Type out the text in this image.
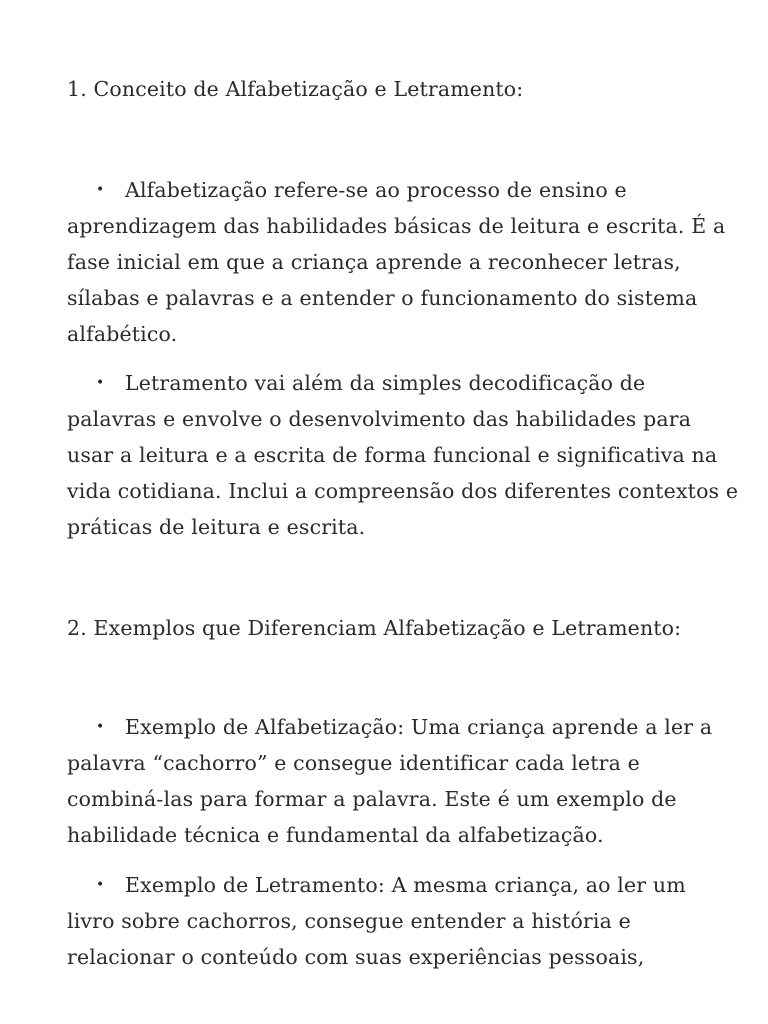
1. Conceito de Alfabetização e Letramento:

• Alfabetização refere-se ao processo de ensino e aprendizagem das habilidades básicas de leitura e escrita. É a fase inicial em que a criança aprende a reconhecer letras, sílabas e palavras e a entender o funcionamento do sistema alfabético.

• Letramento vai além da simples decodificação de palavras e envolve o desenvolvimento das habilidades para usar a leitura e a escrita de forma funcional e significativa na vida cotidiana. Inclui a compreensão dos diferentes contextos e práticas de leitura e escrita.

2. Exemplos que Diferenciam Alfabetização e Letramento:

• Exemplo de Alfabetização: Uma criança aprende a ler a palavra “cachorro” e consegue identificar cada letra e combiná-las para formar a palavra. Este é um exemplo de habilidade técnica e fundamental da alfabetização.

• Exemplo de Letramento: A mesma criança, ao ler um livro sobre cachorros, consegue entender a história e relacionar o conteúdo com suas experiências pessoais,
